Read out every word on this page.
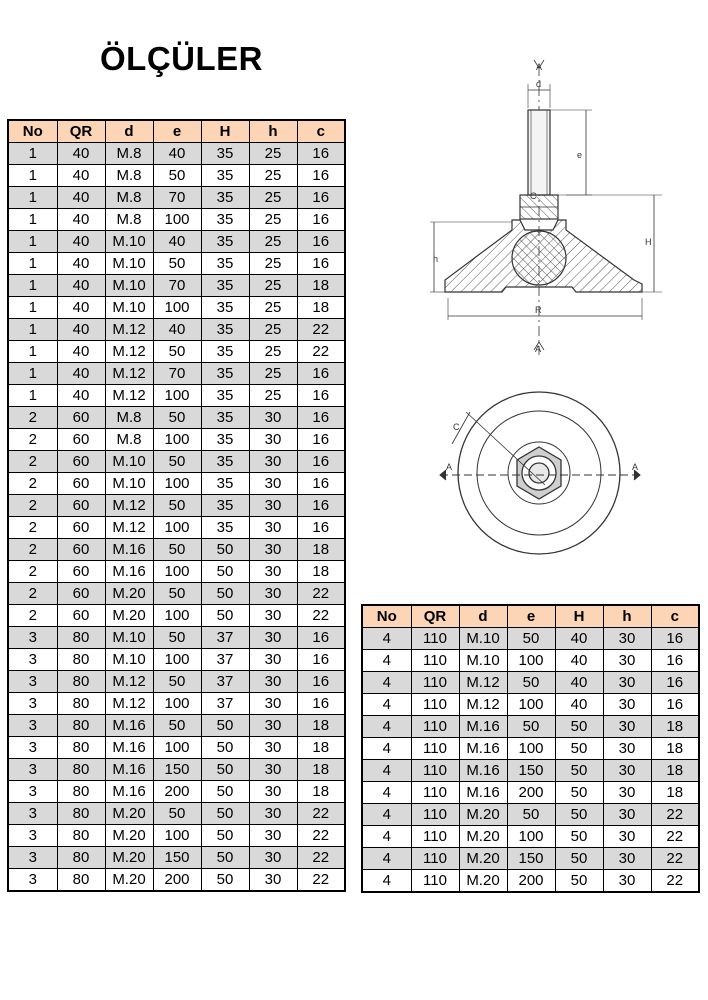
ÖLÇÜLER
No	QR	d	e	H	h	c
1	40	M.8	40	35	25	16
1	40	M.8	50	35	25	16
1	40	M.8	70	35	25	16
1	40	M.8	100	35	25	16
1	40	M.10	40	35	25	16
1	40	M.10	50	35	25	16
1	40	M.10	70	35	25	18
1	40	M.10	100	35	25	18
1	40	M.12	40	35	25	22
1	40	M.12	50	35	25	22
1	40	M.12	70	35	25	16
1	40	M.12	100	35	25	16
2	60	M.8	50	35	30	16
2	60	M.8	100	35	30	16
2	60	M.10	50	35	30	16
2	60	M.10	100	35	30	16
2	60	M.12	50	35	30	16
2	60	M.12	100	35	30	16
2	60	M.16	50	50	30	18
2	60	M.16	100	50	30	18
2	60	M.20	50	50	30	22
2	60	M.20	100	50	30	22
3	80	M.10	50	37	30	16
3	80	M.10	100	37	30	16
3	80	M.12	50	37	30	16
3	80	M.12	100	37	30	16
3	80	M.16	50	50	30	18
3	80	M.16	100	50	30	18
3	80	M.16	150	50	30	18
3	80	M.16	200	50	30	18
3	80	M.20	50	50	30	22
3	80	M.20	100	50	30	22
3	80	M.20	150	50	30	22
3	80	M.20	200	50	30	22
No	QR	d	e	H	h	c
4	110	M.10	50	40	30	16
4	110	M.10	100	40	30	16
4	110	M.12	50	40	30	16
4	110	M.12	100	40	30	16
4	110	M.16	50	50	30	18
4	110	M.16	100	50	30	18
4	110	M.16	150	50	30	18
4	110	M.16	200	50	30	18
4	110	M.20	50	50	30	22
4	110	M.20	100	50	30	22
4	110	M.20	150	50	30	22
4	110	M.20	200	50	30	22
A
d
e
C
H
h
R
A
A	A
C
